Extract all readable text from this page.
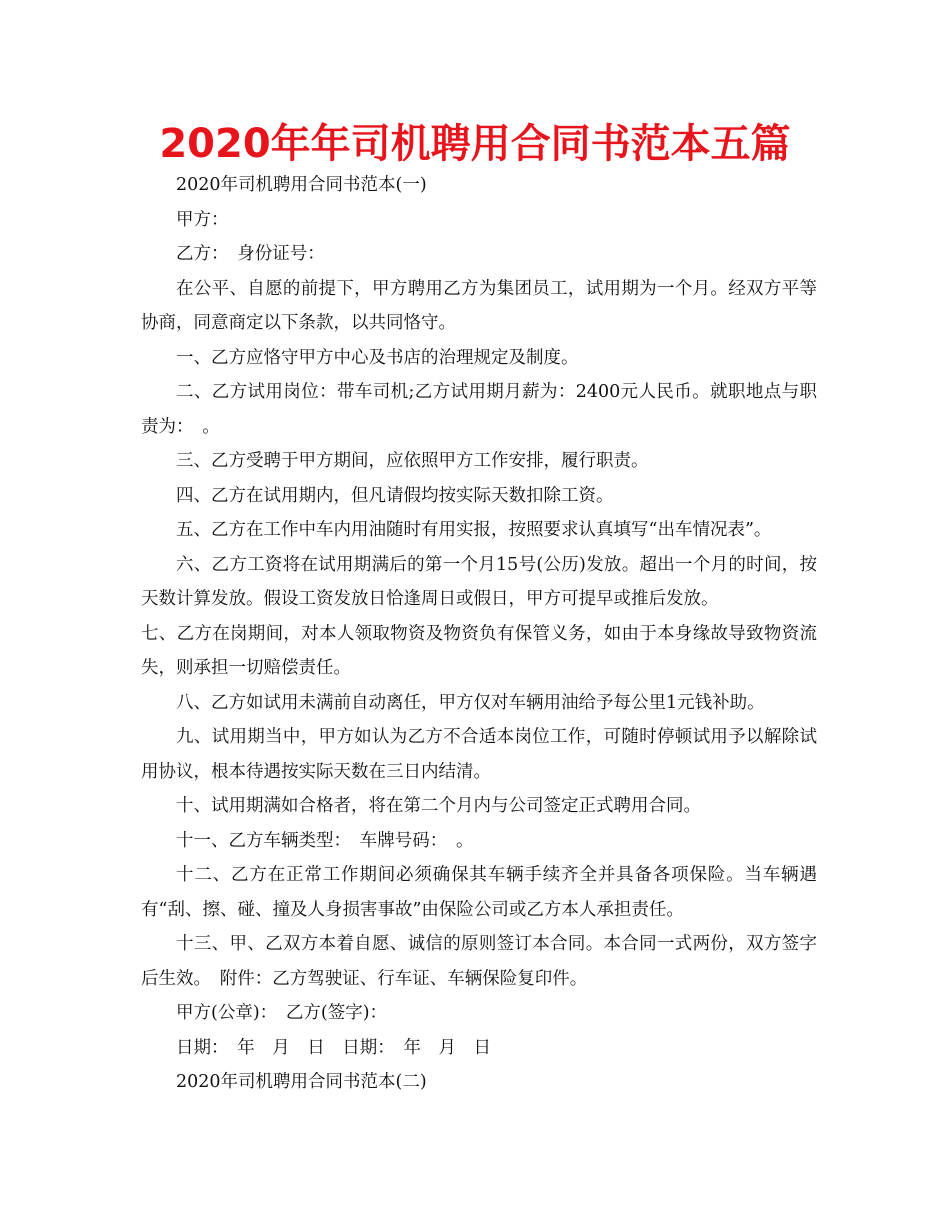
2020年年司机聘用合同书范本五篇

2020年司机聘用合同书范本(一)

甲方：

乙方：　身份证号：

在公平、自愿的前提下，甲方聘用乙方为集团员工，试用期为一个月。经双方平等协商，同意商定以下条款，以共同恪守。

一、乙方应恪守甲方中心及书店的治理规定及制度。

二、乙方试用岗位：带车司机;乙方试用期月薪为：2400元人民币。就职地点与职责为：　。

三、乙方受聘于甲方期间，应依照甲方工作安排，履行职责。

四、乙方在试用期内，但凡请假均按实际天数扣除工资。

五、乙方在工作中车内用油随时有用实报，按照要求认真填写“出车情况表”。

六、乙方工资将在试用期满后的第一个月15号(公历)发放。超出一个月的时间，按天数计算发放。假设工资发放日恰逢周日或假日，甲方可提早或推后发放。

七、乙方在岗期间，对本人领取物资及物资负有保管义务，如由于本身缘故导致物资流失，则承担一切赔偿责任。

八、乙方如试用未满前自动离任，甲方仅对车辆用油给予每公里1元钱补助。

九、试用期当中，甲方如认为乙方不合适本岗位工作，可随时停顿试用予以解除试用协议，根本待遇按实际天数在三日内结清。

十、试用期满如合格者，将在第二个月内与公司签定正式聘用合同。

十一、乙方车辆类型：　车牌号码：　。

十二、乙方在正常工作期间必须确保其车辆手续齐全并具备各项保险。当车辆遇有“刮、擦、碰、撞及人身损害事故”由保险公司或乙方本人承担责任。

十三、甲、乙双方本着自愿、诚信的原则签订本合同。本合同一式两份，双方签字后生效。　附件：乙方驾驶证、行车证、车辆保险复印件。

甲方(公章)：　乙方(签字)：

日期：　年　月　日　日期：　年　月　日

2020年司机聘用合同书范本(二)
